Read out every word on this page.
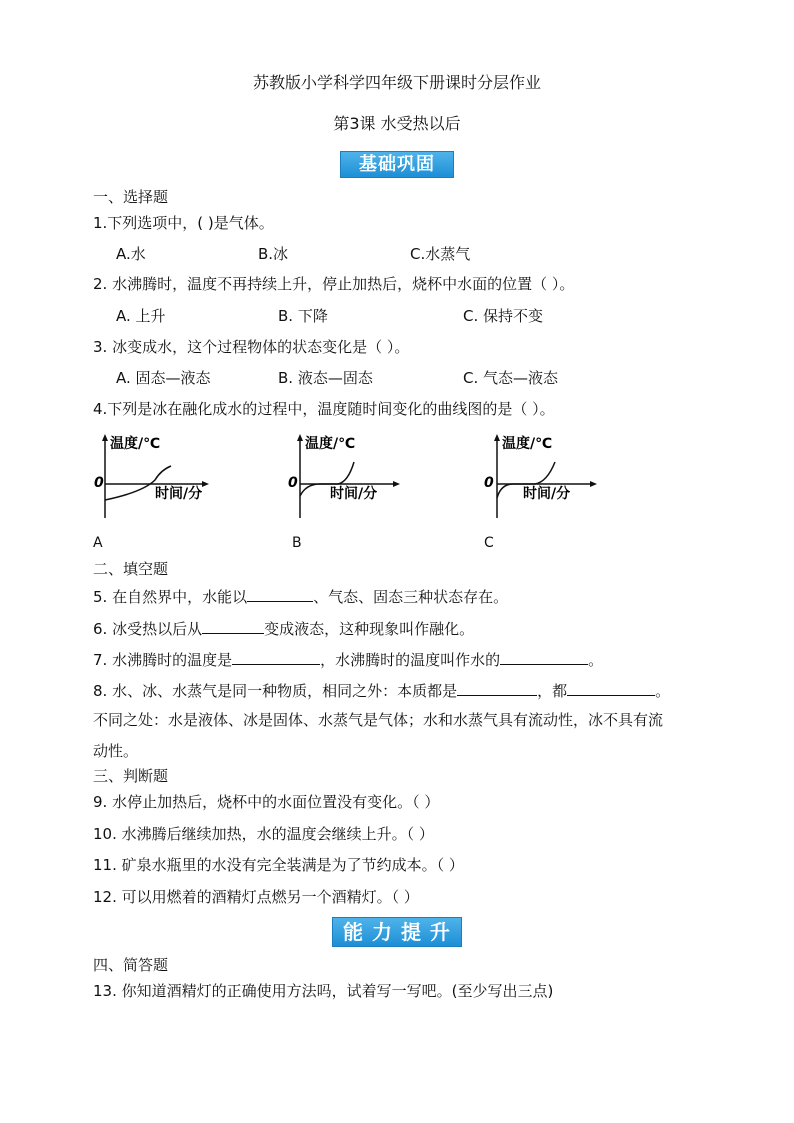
苏教版小学科学四年级下册课时分层作业
第3课 水受热以后
基础巩固
一、选择题
1.下列选项中，( )是气体。
A.水	B.冰	C.水蒸气
2. 水沸腾时，温度不再持续上升，停止加热后，烧杯中水面的位置（ ）。
A. 上升	B. 下降	C. 保持不变
3. 冰变成水，这个过程物体的状态变化是（ ）。
A. 固态—液态	B. 液态—固态	C. 气态—液态
4.下列是冰在融化成水的过程中，温度随时间变化的曲线图的是（ ）。
温度/℃
0
时间/分
温度/℃
0
时间/分
温度/℃
0
时间/分
A	B	C
二、填空题
5. 在自然界中，水能以	、气态、固态三种状态存在。
6. 冰受热以后从	变成液态，这种现象叫作融化。
7. 水沸腾时的温度是	，水沸腾时的温度叫作水的	。
8. 水、冰、水蒸气是同一种物质，相同之外：本质都是	，都	。
不同之处：水是液体、冰是固体、水蒸气是气体；水和水蒸气具有流动性，冰不具有流
动性。
三、判断题
9. 水停止加热后，烧杯中的水面位置没有变化。（ ）
10. 水沸腾后继续加热，水的温度会继续上升。（ ）
11. 矿泉水瓶里的水没有完全装满是为了节约成本。（ ）
12. 可以用燃着的酒精灯点燃另一个酒精灯。（ ）
能 力 提 升
四、简答题
13. 你知道酒精灯的正确使用方法吗，试着写一写吧。(至少写出三点)
